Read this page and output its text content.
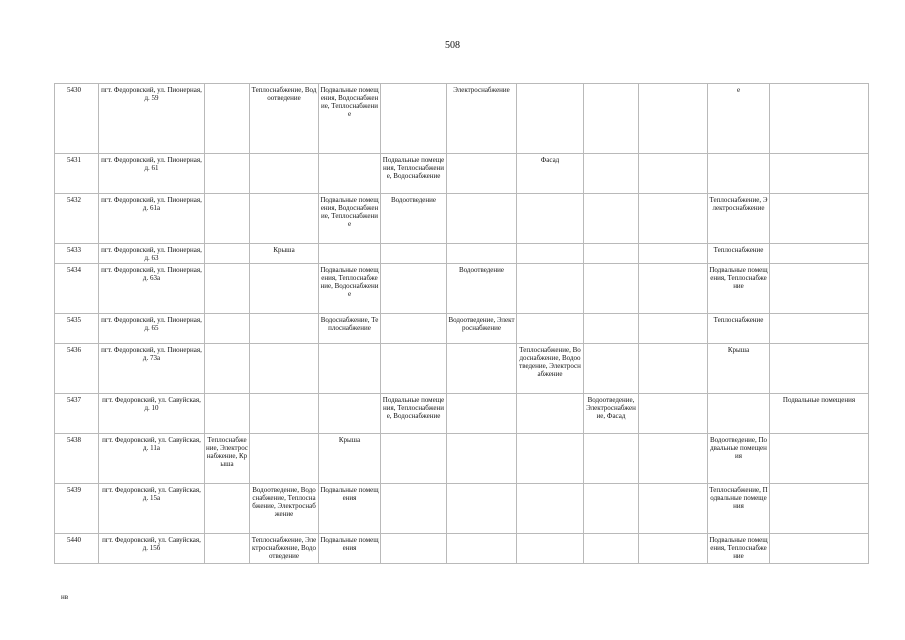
508
5430	пгт. Федоровский, ул. Пионерная, д. 59		Теплоснабжение, Водоотведение	Подвальные помещения, Водоснабжение, Теплоснабжение		Электроснабжение				е	
5431	пгт. Федоровский, ул. Пионерная, д. 61				Подвальные помещения, Теплоснабжение, Водоснабжение		Фасад				
5432	пгт. Федоровский, ул. Пионерная, д. 61а			Подвальные помещения, Водоснабжение, Теплоснабжение	Водоотведение					Теплоснабжение, Электроснабжение	
5433	пгт. Федоровский, ул. Пионерная, д. 63		Крыша							Теплоснабжение	
5434	пгт. Федоровский, ул. Пионерная, д. 63а			Подвальные помещения, Теплоснабжение, Водоснабжение		Водоотведение				Подвальные помещения, Теплоснабжение	
5435	пгт. Федоровский, ул. Пионерная, д. 65			Водоснабжение, Теплоснабжение		Водоотведение, Электроснабжение				Теплоснабжение	
5436	пгт. Федоровский, ул. Пионерная, д. 73а						Теплоснабжение, Водоснабжение, Водоотведение, Электроснабжение			Крыша	
5437	пгт. Федоровский, ул. Савуйская, д. 10				Подвальные помещения, Теплоснабжение, Водоснабжение			Водоотведение, Электроснабжение, Фасад			Подвальные помещения
5438	пгт. Федоровский, ул. Савуйская, д. 11а	Теплоснабжение, Электроснабжение, Крыша		Крыша						Водоотведение, Подвальные помещения	
5439	пгт. Федоровский, ул. Савуйская, д. 15а		Водоотведение, Водоснабжение, Теплоснабжение, Электроснабжение	Подвальные помещения						Теплоснабжение, Подвальные помещения	
5440	пгт. Федоровский, ул. Савуйская, д. 15б		Теплоснабжение, Электроснабжение, Водоотведение	Подвальные помещения						Подвальные помещения, Теплоснабжение	
нв
